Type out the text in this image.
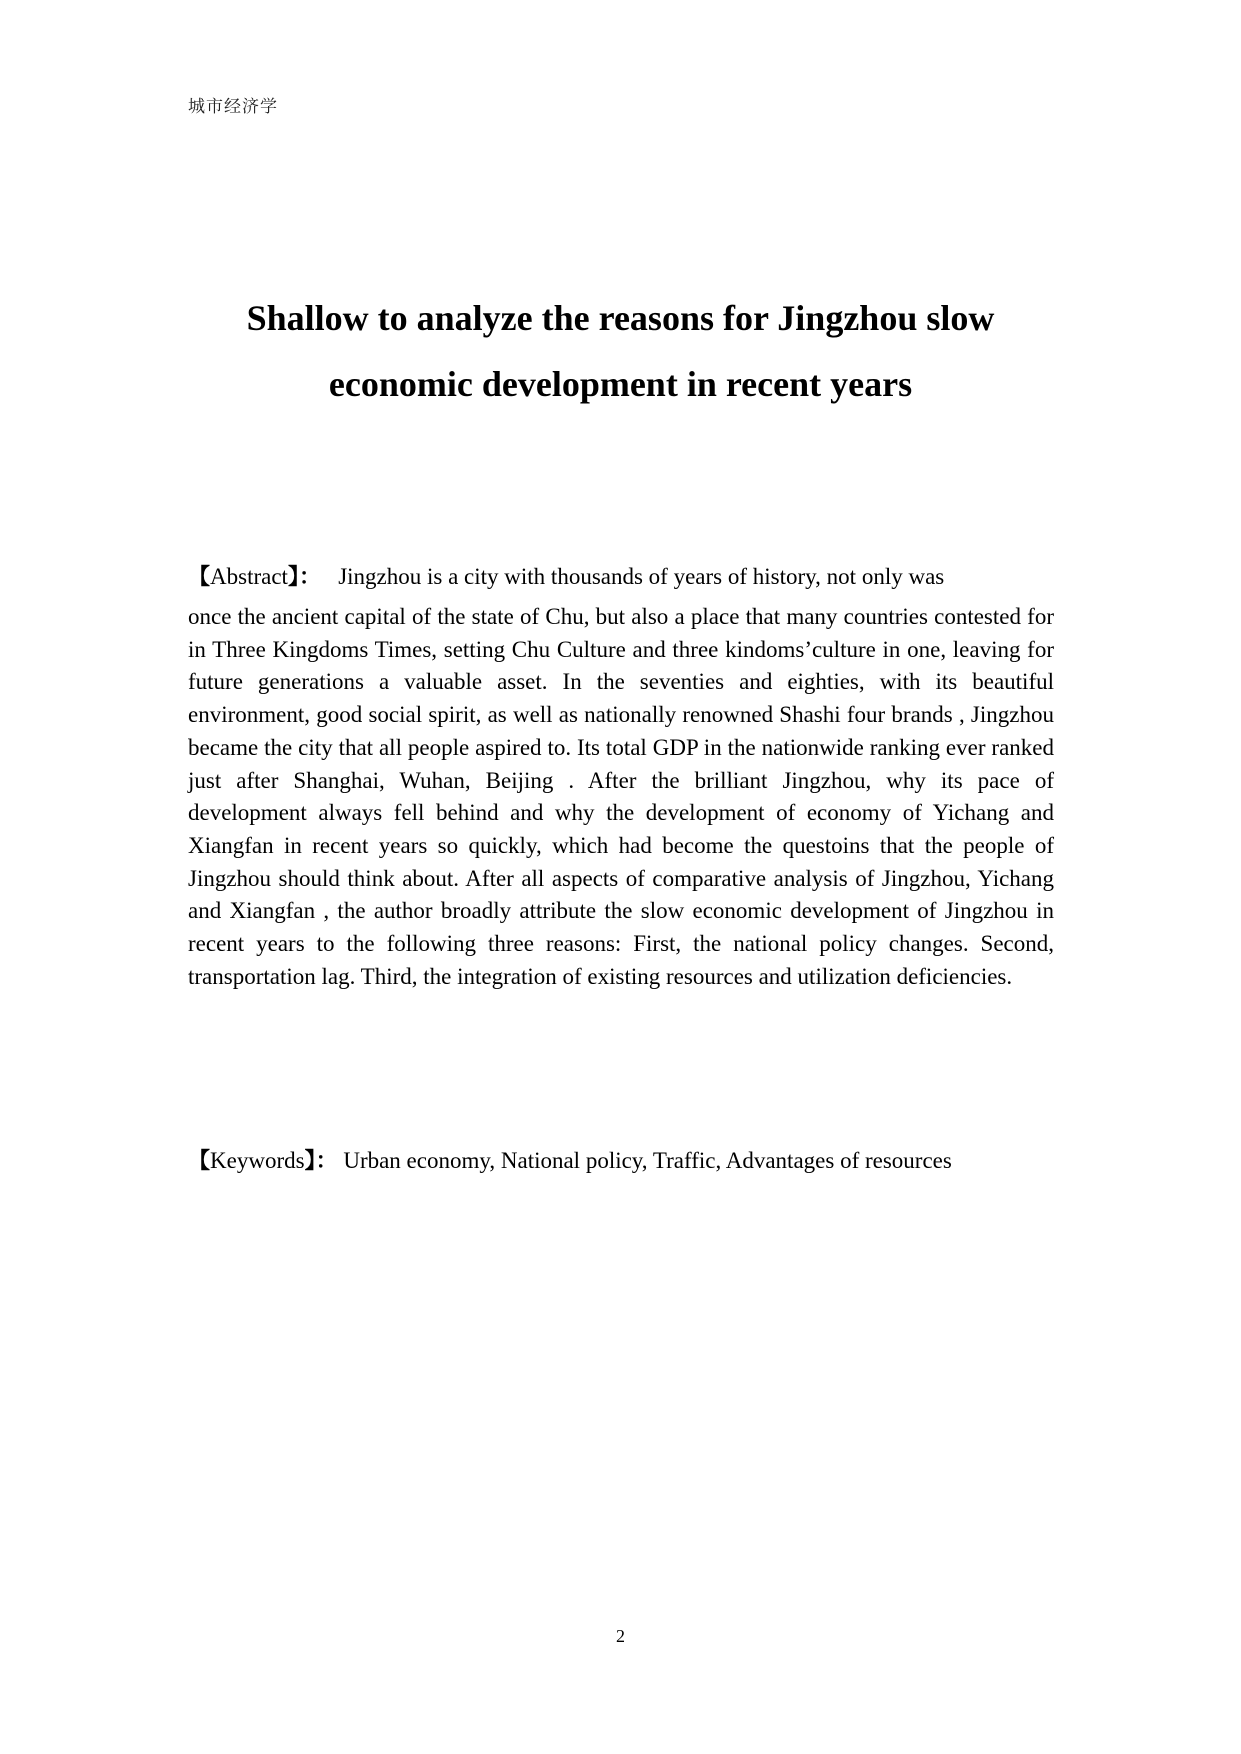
城市经济学
Shallow to analyze the reasons for Jingzhou slow
economic development in recent years
【Abstract】： Jingzhou is a city with thousands of years of history, not only was
once the ancient capital of the state of Chu, but also a place that many countries contested for in Three Kingdoms Times, setting Chu Culture and three kindoms’culture in one, leaving for future generations a valuable asset. In the seventies and eighties, with its beautiful environment, good social spirit, as well as nationally renowned Shashi four brands , Jingzhou became the city that all people aspired to. Its total GDP in the nationwide ranking ever ranked just after Shanghai, Wuhan, Beijing . After the brilliant Jingzhou, why its pace of development always fell behind and why the development of economy of Yichang and Xiangfan in recent years so quickly, which had become the questoins that the people of Jingzhou should think about. After all aspects of comparative analysis of Jingzhou, Yichang and Xiangfan , the author broadly attribute the slow economic development of Jingzhou in recent years to the following three reasons: First, the national policy changes. Second, transportation lag. Third, the integration of existing resources and utilization deficiencies.
【Keywords】： Urban economy, National policy, Traffic, Advantages of resources
2
